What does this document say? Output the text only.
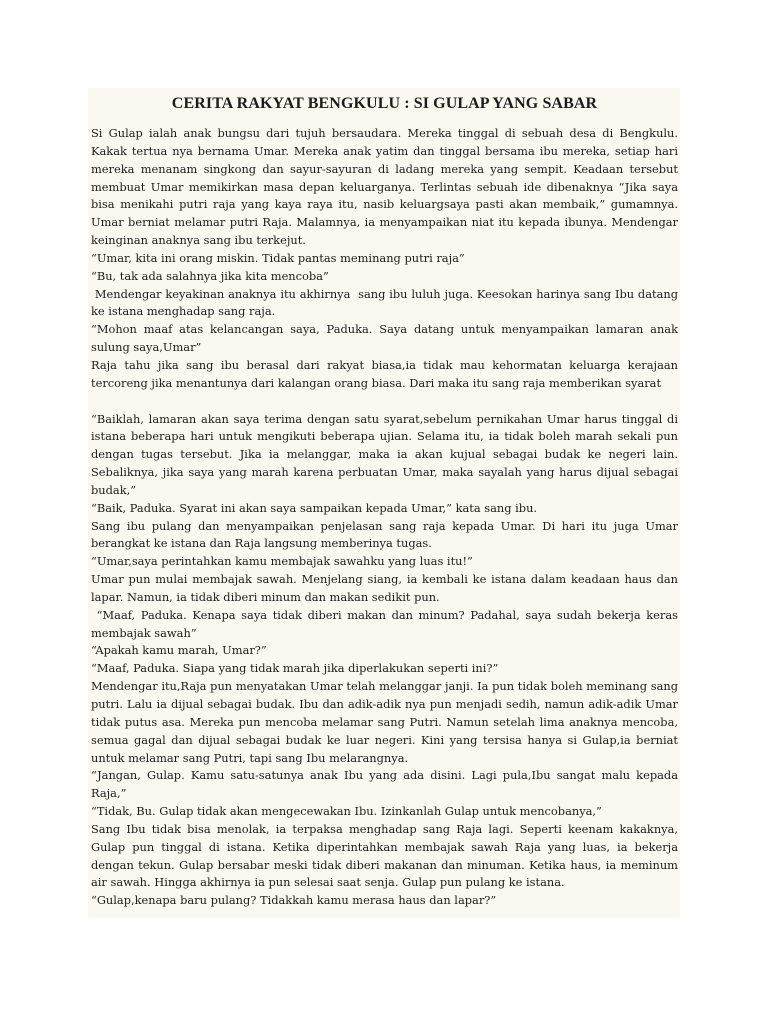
CERITA RAKYAT BENGKULU : SI GULAP YANG SABAR

Si Gulap ialah anak bungsu dari tujuh bersaudara. Mereka tinggal di sebuah desa di Bengkulu. Kakak tertua nya bernama Umar. Mereka anak yatim dan tinggal bersama ibu mereka, setiap hari mereka menanam singkong dan sayur-sayuran di ladang mereka yang sempit. Keadaan tersebut membuat Umar memikirkan masa depan keluarganya. Terlintas sebuah ide dibenaknya “Jika saya bisa menikahi putri raja yang kaya raya itu, nasib keluargsaya pasti akan membaik,” gumamnya. Umar berniat melamar putri Raja. Malamnya, ia menyampaikan niat itu kepada ibunya. Mendengar keinginan anaknya sang ibu terkejut.

“Umar, kita ini orang miskin. Tidak pantas meminang putri raja”

“Bu, tak ada salahnya jika kita mencoba”

Mendengar keyakinan anaknya itu akhirnya  sang ibu luluh juga. Keesokan harinya sang Ibu datang ke istana menghadap sang raja.

“Mohon maaf atas kelancangan saya, Paduka. Saya datang untuk menyampaikan lamaran anak sulung saya,Umar”

Raja tahu jika sang ibu berasal dari rakyat biasa,ia tidak mau kehormatan keluarga kerajaan tercoreng jika menantunya dari kalangan orang biasa. Dari maka itu sang raja memberikan syarat

“Baiklah, lamaran akan saya terima dengan satu syarat,sebelum pernikahan Umar harus tinggal di istana beberapa hari untuk mengikuti beberapa ujian. Selama itu, ia tidak boleh marah sekali pun dengan tugas tersebut. Jika ia melanggar, maka ia akan kujual sebagai budak ke negeri lain. Sebaliknya, jika saya yang marah karena perbuatan Umar, maka sayalah yang harus dijual sebagai budak,”

“Baik, Paduka. Syarat ini akan saya sampaikan kepada Umar,” kata sang ibu.

Sang ibu pulang dan menyampaikan penjelasan sang raja kepada Umar. Di hari itu juga Umar berangkat ke istana dan Raja langsung memberinya tugas.

“Umar,saya perintahkan kamu membajak sawahku yang luas itu!”

Umar pun mulai membajak sawah. Menjelang siang, ia kembali ke istana dalam keadaan haus dan lapar. Namun, ia tidak diberi minum dan makan sedikit pun.

“Maaf, Paduka. Kenapa saya tidak diberi makan dan minum? Padahal, saya sudah bekerja keras membajak sawah”

“Apakah kamu marah, Umar?”

“Maaf, Paduka. Siapa yang tidak marah jika diperlakukan seperti ini?”

Mendengar itu,Raja pun menyatakan Umar telah melanggar janji. Ia pun tidak boleh meminang sang putri. Lalu ia dijual sebagai budak. Ibu dan adik-adik nya pun menjadi sedih, namun adik-adik Umar tidak putus asa. Mereka pun mencoba melamar sang Putri. Namun setelah lima anaknya mencoba, semua gagal dan dijual sebagai budak ke luar negeri. Kini yang tersisa hanya si Gulap,ia berniat untuk melamar sang Putri, tapi sang Ibu melarangnya.

“Jangan, Gulap. Kamu satu-satunya anak Ibu yang ada disini. Lagi pula,Ibu sangat malu kepada Raja,”

“Tidak, Bu. Gulap tidak akan mengecewakan Ibu. Izinkanlah Gulap untuk mencobanya,”

Sang Ibu tidak bisa menolak, ia terpaksa menghadap sang Raja lagi. Seperti keenam kakaknya, Gulap pun tinggal di istana. Ketika diperintahkan membajak sawah Raja yang luas, ia bekerja dengan tekun. Gulap bersabar meski tidak diberi makanan dan minuman. Ketika haus, ia meminum air sawah. Hingga akhirnya ia pun selesai saat senja. Gulap pun pulang ke istana.

“Gulap,kenapa baru pulang? Tidakkah kamu merasa haus dan lapar?”
